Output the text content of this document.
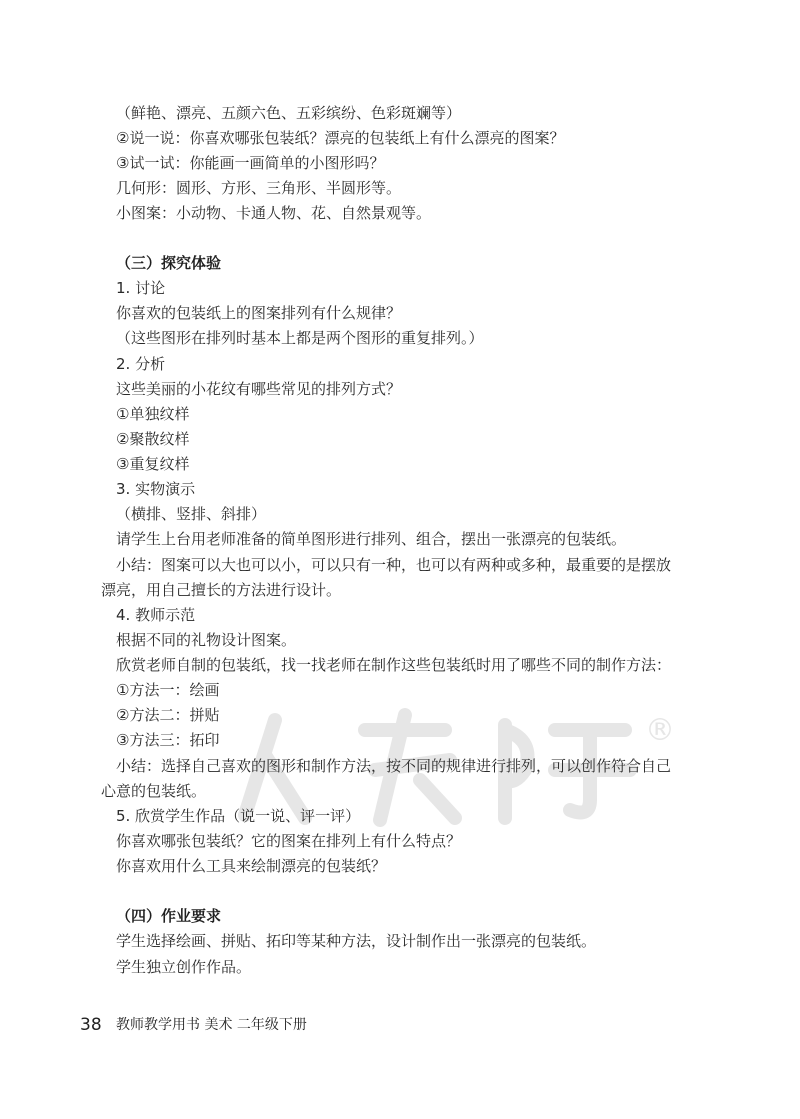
®
（鲜艳、漂亮、五颜六色、五彩缤纷、色彩斑斓等）
②说一说：你喜欢哪张包装纸？漂亮的包装纸上有什么漂亮的图案？
③试一试：你能画一画简单的小图形吗？
几何形：圆形、方形、三角形、半圆形等。
小图案：小动物、卡通人物、花、自然景观等。
（三）探究体验
1. 讨论
你喜欢的包装纸上的图案排列有什么规律？
（这些图形在排列时基本上都是两个图形的重复排列。）
2. 分析
这些美丽的小花纹有哪些常见的排列方式？
①单独纹样
②聚散纹样
③重复纹样
3. 实物演示
（横排、竖排、斜排）
请学生上台用老师准备的简单图形进行排列、组合，摆出一张漂亮的包装纸。
小结：图案可以大也可以小，可以只有一种，也可以有两种或多种，最重要的是摆放
漂亮，用自己擅长的方法进行设计。
4. 教师示范
根据不同的礼物设计图案。
欣赏老师自制的包装纸，找一找老师在制作这些包装纸时用了哪些不同的制作方法：
①方法一：绘画
②方法二：拼贴
③方法三：拓印
小结：选择自己喜欢的图形和制作方法，按不同的规律进行排列，可以创作符合自己
心意的包装纸。
5. 欣赏学生作品（说一说、评一评）
你喜欢哪张包装纸？它的图案在排列上有什么特点？
你喜欢用什么工具来绘制漂亮的包装纸？
（四）作业要求
学生选择绘画、拼贴、拓印等某种方法，设计制作出一张漂亮的包装纸。
学生独立创作作品。
38 教师教学用书 美术 二年级下册
